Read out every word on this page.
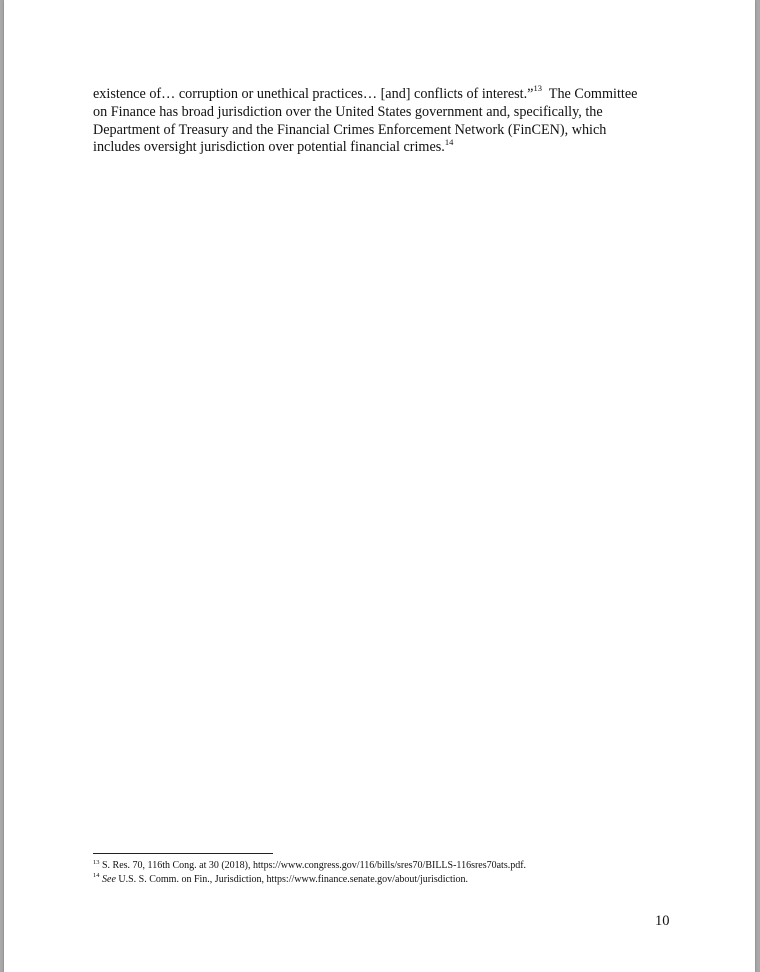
existence of… corruption or unethical practices… [and] conflicts of interest.”$^{13}$  The Committee
on Finance has broad jurisdiction over the United States government and, specifically, the
Department of Treasury and the Financial Crimes Enforcement Network (FinCEN), which
includes oversight jurisdiction over potential financial crimes.$^{14}$
$^{13}$ S. Res. 70, 116th Cong. at 30 (2018), https://www.congress.gov/116/bills/sres70/BILLS-116sres70ats.pdf.
$^{14}$ See U.S. S. Comm. on Fin., Jurisdiction, https://www.finance.senate.gov/about/jurisdiction.
10
